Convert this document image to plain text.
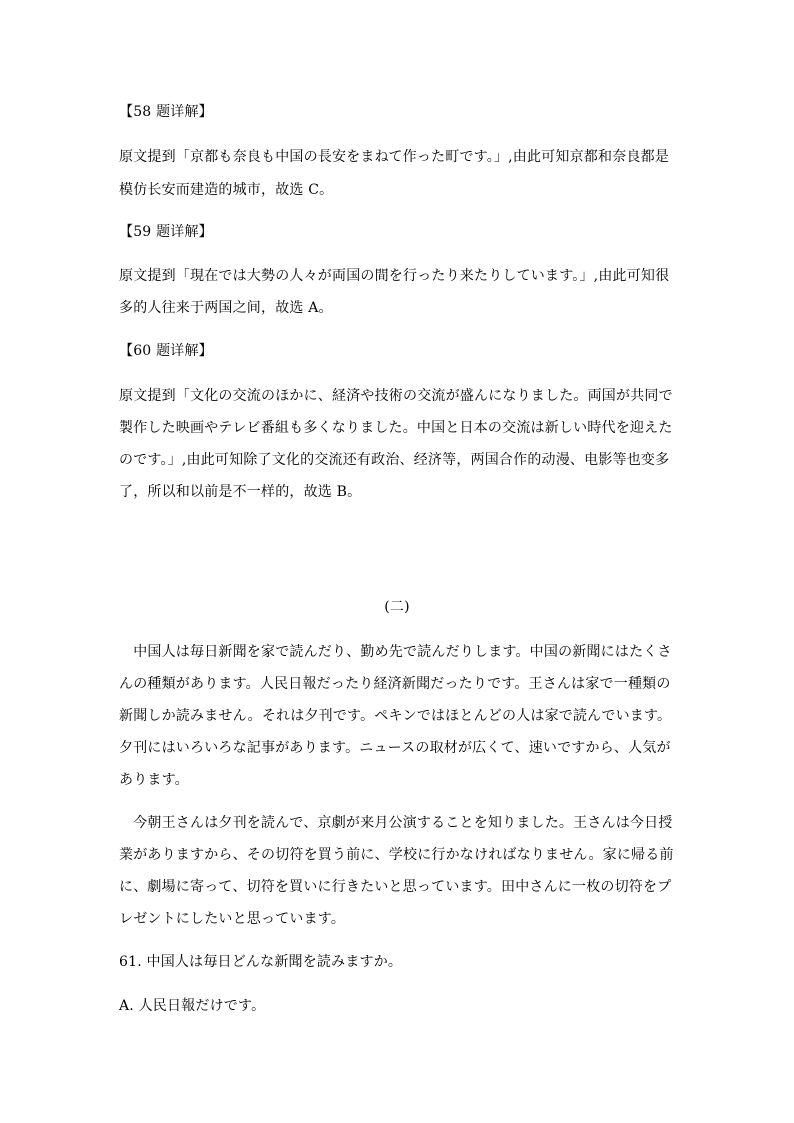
【58 题详解】
原文提到「京都も奈良も中国の長安をまねて作った町です。」,由此可知京都和奈良都是
模仿长安而建造的城市，故选 C。
【59 题详解】
原文提到「現在では大勢の人々が両国の間を行ったり来たりしています。」,由此可知很
多的人往来于两国之间，故选 A。
【60 题详解】
原文提到「文化の交流のほかに、経済や技術の交流が盛んになりました。両国が共同で
製作した映画やテレビ番組も多くなりました。中国と日本の交流は新しい時代を迎えた
のです。」,由此可知除了文化的交流还有政治、经济等，两国合作的动漫、电影等也变多
了，所以和以前是不一样的，故选 B。
(二)
　中国人は毎日新聞を家で読んだり、勤め先で読んだりします。中国の新聞にはたくさ
んの種類があります。人民日報だったり経済新聞だったりです。王さんは家で一種類の
新聞しか読みません。それは夕刊です。ペキンではほとんどの人は家で読んでいます。
夕刊にはいろいろな記事があります。ニュースの取材が広くて、速いですから、人気が
あります。
　今朝王さんは夕刊を読んで、京劇が来月公演することを知りました。王さんは今日授
業がありますから、その切符を買う前に、学校に行かなければなりません。家に帰る前
に、劇場に寄って、切符を買いに行きたいと思っています。田中さんに一枚の切符をプ
レゼントにしたいと思っています。
61. 中国人は毎日どんな新聞を読みますか。
A. 人民日報だけです。
